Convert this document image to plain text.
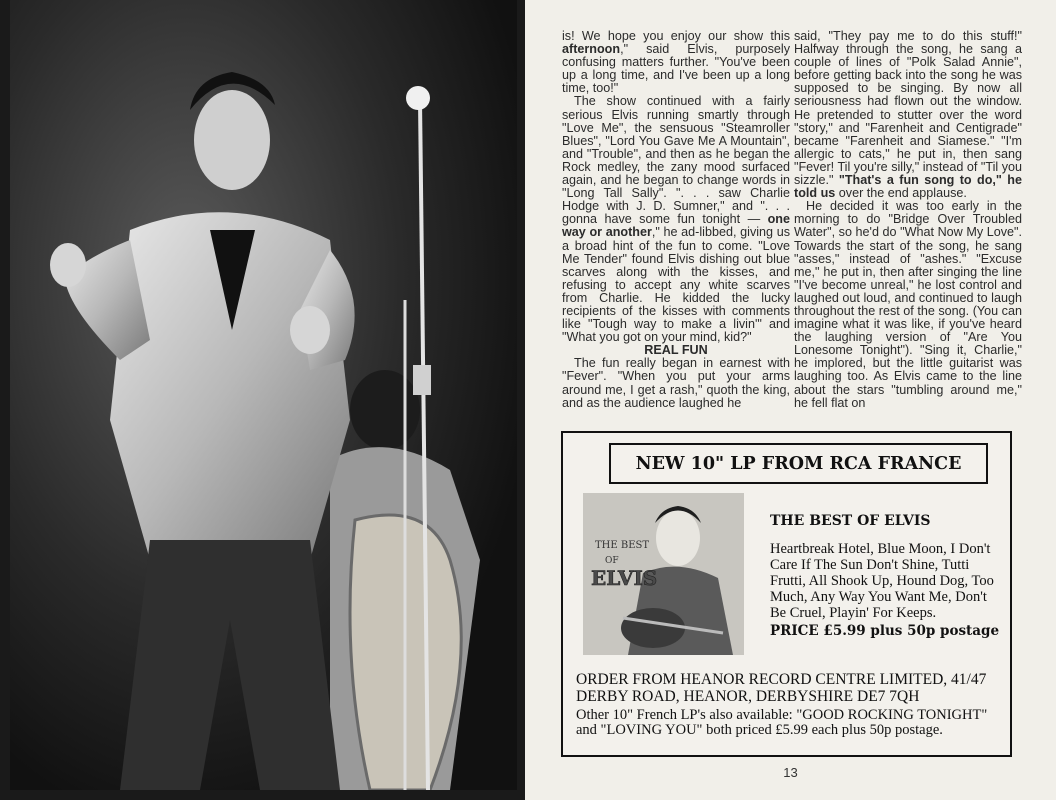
is! We hope you enjoy our show this afternoon," said Elvis, purposely confusing matters further. "You've been up a long time, and I've been up a long time, too!"

The show continued with a fairly serious Elvis running smartly through "Love Me", the sensuous "Steamroller Blues", "Lord You Gave Me A Mountain", and "Trouble", and then as he began the Rock medley, the zany mood surfaced again, and he began to change words in "Long Tall Sally". ". . . saw Charlie Hodge with J. D. Sumner," and ". . . gonna have some fun tonight — one way or another," he ad-libbed, giving us a broad hint of the fun to come. "Love Me Tender" found Elvis dishing out blue scarves along with the kisses, and refusing to accept any white scarves from Charlie. He kidded the lucky recipients of the kisses with comments like "Tough way to make a livin'" and "What you got on your mind, kid?"

REAL FUN

The fun really began in earnest with "Fever". "When you put your arms around me, I get a rash," quoth the king, and as the audience laughed he

said, "They pay me to do this stuff!" Halfway through the song, he sang a couple of lines of "Polk Salad Annie", before getting back into the song he was supposed to be singing. By now all seriousness had flown out the window. He pretended to stutter over the word "story," and "Farenheit and Centigrade" became "Farenheit and Siamese." "I'm allergic to cats," he put in, then sang "Fever! Til you're silly," instead of "Til you sizzle." "That's a fun song to do," he told us over the end applause.

He decided it was too early in the morning to do "Bridge Over Troubled Water", so he'd do "What Now My Love". Towards the start of the song, he sang "asses," instead of "ashes." "Excuse me," he put in, then after singing the line "I've become unreal," he lost control and laughed out loud, and continued to laugh throughout the rest of the song. (You can imagine what it was like, if you've heard the laughing version of "Are You Lonesome Tonight"). "Sing it, Charlie," he implored, but the little guitarist was laughing too. As Elvis came to the line about the stars "tumbling around me," he fell flat on

NEW 10" LP FROM RCA FRANCE
THE BEST
OF
ELVIS
THE BEST OF ELVIS
Heartbreak Hotel, Blue Moon, I Don't Care If The Sun Don't Shine, Tutti Frutti, All Shook Up, Hound Dog, Too Much, Any Way You Want Me, Don't Be Cruel, Playin' For Keeps.
PRICE £5.99 plus 50p postage
ORDER FROM HEANOR RECORD CENTRE LIMITED, 41/47 DERBY ROAD, HEANOR, DERBYSHIRE DE7 7QH
Other 10" French LP's also available: "GOOD ROCKING TONIGHT" and "LOVING YOU" both priced £5.99 each plus 50p postage.
13
